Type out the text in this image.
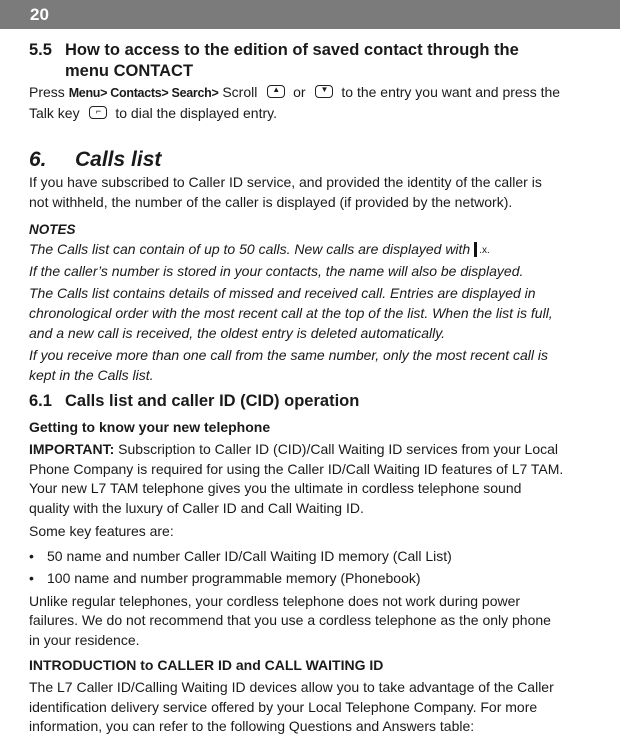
20
5.5 How to access to the edition of saved contact through the
menu CONTACT

Press Menu> Contacts> Search> Scroll	▲ or	▼ to the entry you want and press the Talk key	⌐	to dial the displayed entry.

6. Calls list

If you have subscribed to Caller ID service, and provided the identity of the caller is not withheld, the number of the caller is displayed (if provided by the network).

NOTES

The Calls list can contain of up to 50 calls. New calls are displayed with .x.

If the caller’s number is stored in your contacts, the name will also be displayed.

The Calls list contains details of missed and received call. Entries are displayed in chronological order with the most recent call at the top of the list. When the list is full, and a new call is received, the oldest entry is deleted automatically.

If you receive more than one call from the same number, only the most recent call is kept in the Calls list.

6.1 Calls list and caller ID (CID) operation

Getting to know your new telephone

IMPORTANT: Subscription to Caller ID (CID)/Call Waiting ID services from your Local Phone Company is required for using the Caller ID/Call Waiting ID features of L7 TAM. Your new L7 TAM telephone gives you the ultimate in cordless telephone sound quality with the luxury of Caller ID and Call Waiting ID.

Some key features are:

• 50 name and number Caller ID/Call Waiting ID memory (Call List)
• 100 name and number programmable memory (Phonebook)

Unlike regular telephones, your cordless telephone does not work during power failures. We do not recommend that you use a cordless telephone as the only phone in your residence.

INTRODUCTION to CALLER ID and CALL WAITING ID

The L7 Caller ID/Calling Waiting ID devices allow you to take advantage of the Caller identification delivery service offered by your Local Telephone Company. For more information, you can refer to the following Questions and Answers table:
